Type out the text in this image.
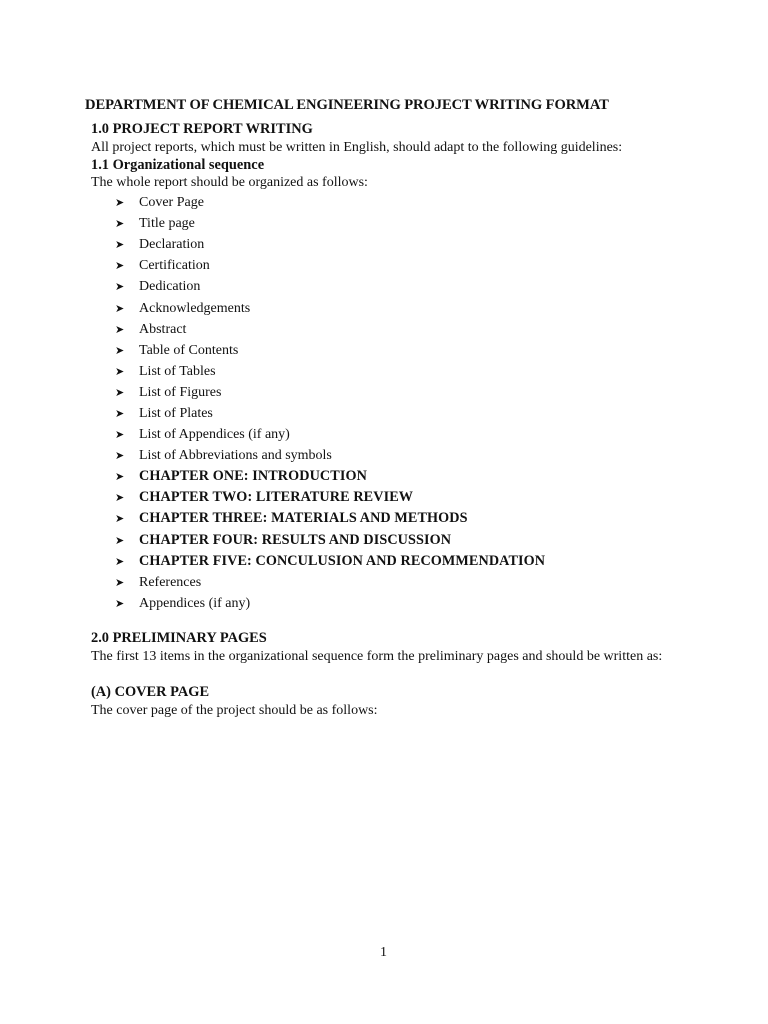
DEPARTMENT OF CHEMICAL ENGINEERING PROJECT WRITING FORMAT
1.0 PROJECT REPORT WRITING
All project reports, which must be written in English, should adapt to the following guidelines:
1.1 Organizational sequence
The whole report should be organized as follows:
➤	Cover Page
➤	Title page
➤	Declaration
➤	Certification
➤	Dedication
➤	Acknowledgements
➤	Abstract
➤	Table of Contents
➤	List of Tables
➤	List of Figures
➤	List of Plates
➤	List of Appendices (if any)
➤	List of Abbreviations and symbols
➤	CHAPTER ONE: INTRODUCTION
➤	CHAPTER TWO: LITERATURE REVIEW
➤	CHAPTER THREE: MATERIALS AND METHODS
➤	CHAPTER FOUR: RESULTS AND DISCUSSION
➤	CHAPTER FIVE: CONCULUSION AND RECOMMENDATION
➤	References
➤	Appendices (if any)
2.0 PRELIMINARY PAGES
The first 13 items in the organizational sequence form the preliminary pages and should be written as:
(A) COVER PAGE
The cover page of the project should be as follows:
1
